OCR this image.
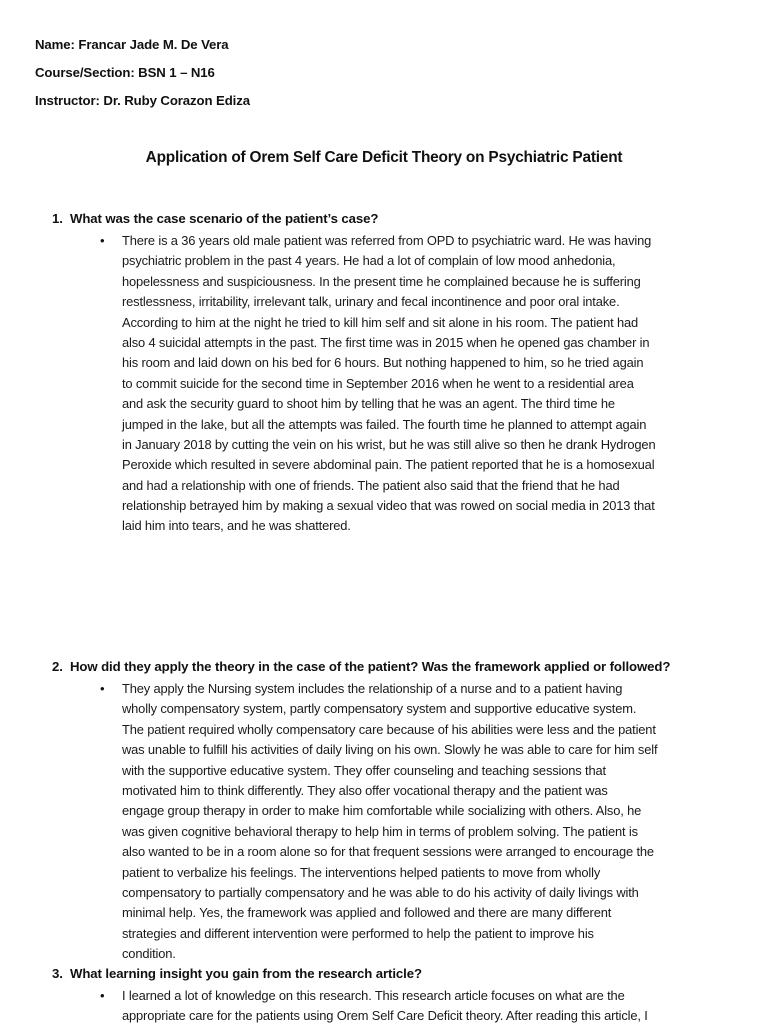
Name: Francar Jade M. De Vera
Course/Section: BSN 1 – N16
Instructor: Dr. Ruby Corazon Ediza
Application of Orem Self Care Deficit Theory on Psychiatric Patient
1. What was the case scenario of the patient’s case?
• There is a 36 years old male patient was referred from OPD to psychiatric ward. He was having
psychiatric problem in the past 4 years. He had a lot of complain of low mood anhedonia,
hopelessness and suspiciousness. In the present time he complained because he is suffering
restlessness, irritability, irrelevant talk, urinary and fecal incontinence and poor oral intake.
According to him at the night he tried to kill him self and sit alone in his room. The patient had
also 4 suicidal attempts in the past. The first time was in 2015 when he opened gas chamber in
his room and laid down on his bed for 6 hours. But nothing happened to him, so he tried again
to commit suicide for the second time in September 2016 when he went to a residential area
and ask the security guard to shoot him by telling that he was an agent. The third time he
jumped in the lake, but all the attempts was failed. The fourth time he planned to attempt again
in January 2018 by cutting the vein on his wrist, but he was still alive so then he drank Hydrogen
Peroxide which resulted in severe abdominal pain. The patient reported that he is a homosexual
and had a relationship with one of friends. The patient also said that the friend that he had
relationship betrayed him by making a sexual video that was rowed on social media in 2013 that
laid him into tears, and he was shattered.
2. How did they apply the theory in the case of the patient? Was the framework applied or followed?
• They apply the Nursing system includes the relationship of a nurse and to a patient having
wholly compensatory system, partly compensatory system and supportive educative system.
The patient required wholly compensatory care because of his abilities were less and the patient
was unable to fulfill his activities of daily living on his own. Slowly he was able to care for him self
with the supportive educative system. They offer counseling and teaching sessions that
motivated him to think differently. They also offer vocational therapy and the patient was
engage group therapy in order to make him comfortable while socializing with others. Also, he
was given cognitive behavioral therapy to help him in terms of problem solving. The patient is
also wanted to be in a room alone so for that frequent sessions were arranged to encourage the
patient to verbalize his feelings. The interventions helped patients to move from wholly
compensatory to partially compensatory and he was able to do his activity of daily livings with
minimal help. Yes, the framework was applied and followed and there are many different
strategies and different intervention were performed to help the patient to improve his
condition.
3. What learning insight you gain from the research article?
• I learned a lot of knowledge on this research. This research article focuses on what are the
appropriate care for the patients using Orem Self Care Deficit theory. After reading this article, I
